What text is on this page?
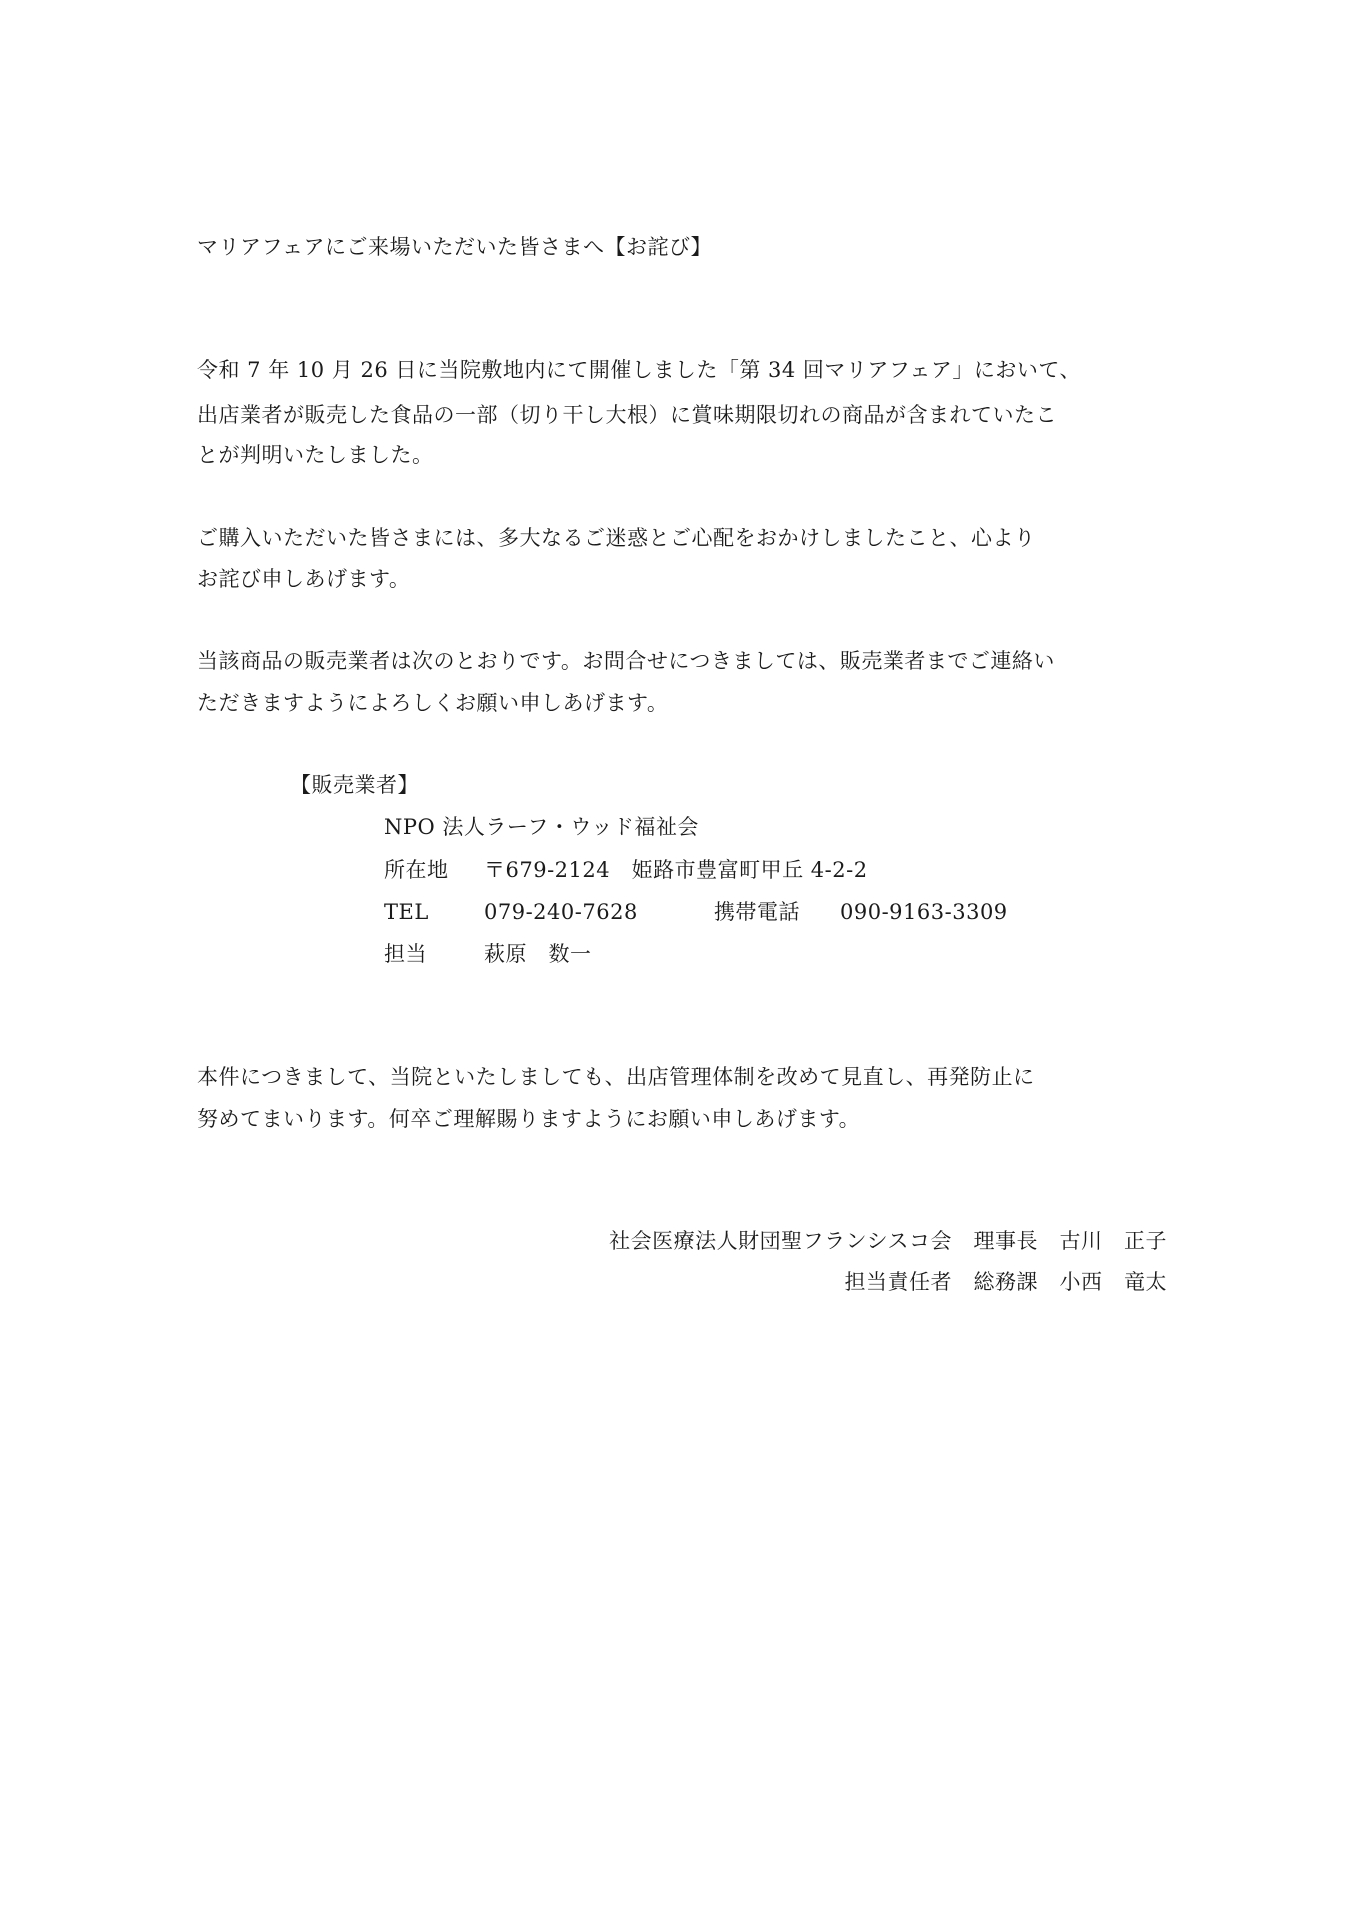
マリアフェアにご来場いただいた皆さまへ【お詫び】
令和 7 年 10 月 26 日に当院敷地内にて開催しました「第 34 回マリアフェア」において、
出店業者が販売した食品の一部（切り干し大根）に賞味期限切れの商品が含まれていたこ
とが判明いたしました。
ご購入いただいた皆さまには、多大なるご迷惑とご心配をおかけしましたこと、心より
お詫び申しあげます。
当該商品の販売業者は次のとおりです。お問合せにつきましては、販売業者までご連絡い
ただきますようによろしくお願い申しあげます。
【販売業者】
NPO 法人ラーフ・ウッド福祉会
所在地 〒679-2124　姫路市豊富町甲丘 4-2-2
TEL	079-240-7628	携帯電話 090-9163-3309
担当	萩原　数一
本件につきまして、当院といたしましても、出店管理体制を改めて見直し、再発防止に
努めてまいります。何卒ご理解賜りますようにお願い申しあげます。
社会医療法人財団聖フランシスコ会　理事長　古川　正子
担当責任者　総務課　小西　竜太
